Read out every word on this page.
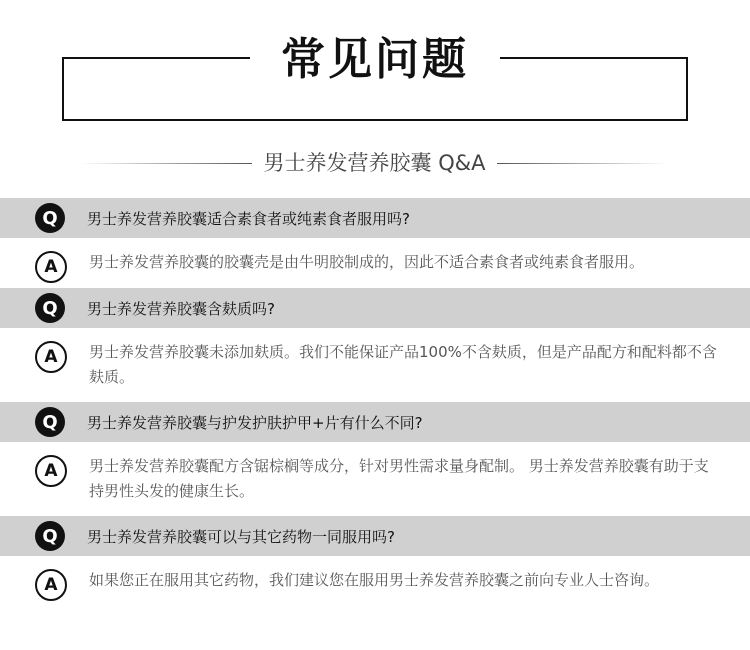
常见问题
男士养发营养胶囊 Q&A
Q	男士养发营养胶囊适合素食者或纯素食者服用吗?
A	男士养发营养胶囊的胶囊壳是由牛明胶制成的，因此不适合素食者或纯素食者服用。
Q	男士养发营养胶囊含麸质吗?
A	男士养发营养胶囊未添加麸质。我们不能保证产品100%不含麸质，但是产品配方和配料都不含麸质。
Q	男士养发营养胶囊与护发护肤护甲+片有什么不同?
A	男士养发营养胶囊配方含锯棕榈等成分，针对男性需求量身配制。 男士养发营养胶囊有助于支持男性头发的健康生长。
Q	男士养发营养胶囊可以与其它药物一同服用吗?
A	如果您正在服用其它药物，我们建议您在服用男士养发营养胶囊之前向专业人士咨询。
